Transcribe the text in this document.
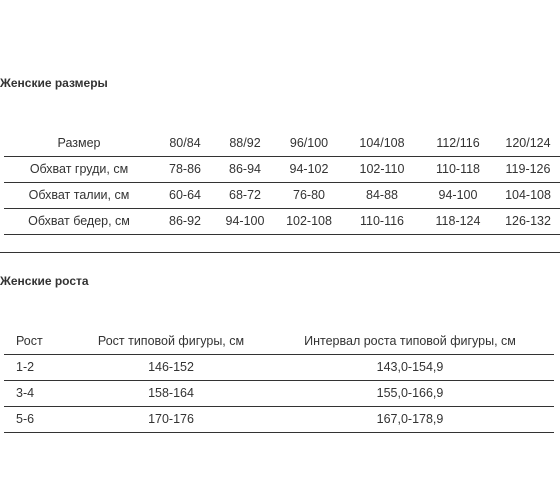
Женские размеры
Размер	80/84	88/92	96/100	104/108	112/116	120/124
Обхват груди, см	78-86	86-94	94-102	102-110	110-118	119-126
Обхват талии, см	60-64	68-72	76-80	84-88	94-100	104-108
Обхват бедер, см	86-92	94-100	102-108	110-116	118-124	126-132
Женские роста
Рост	Рост типовой фигуры, см	Интервал роста типовой фигуры, см
1-2	146-152	143,0-154,9
3-4	158-164	155,0-166,9
5-6	170-176	167,0-178,9
